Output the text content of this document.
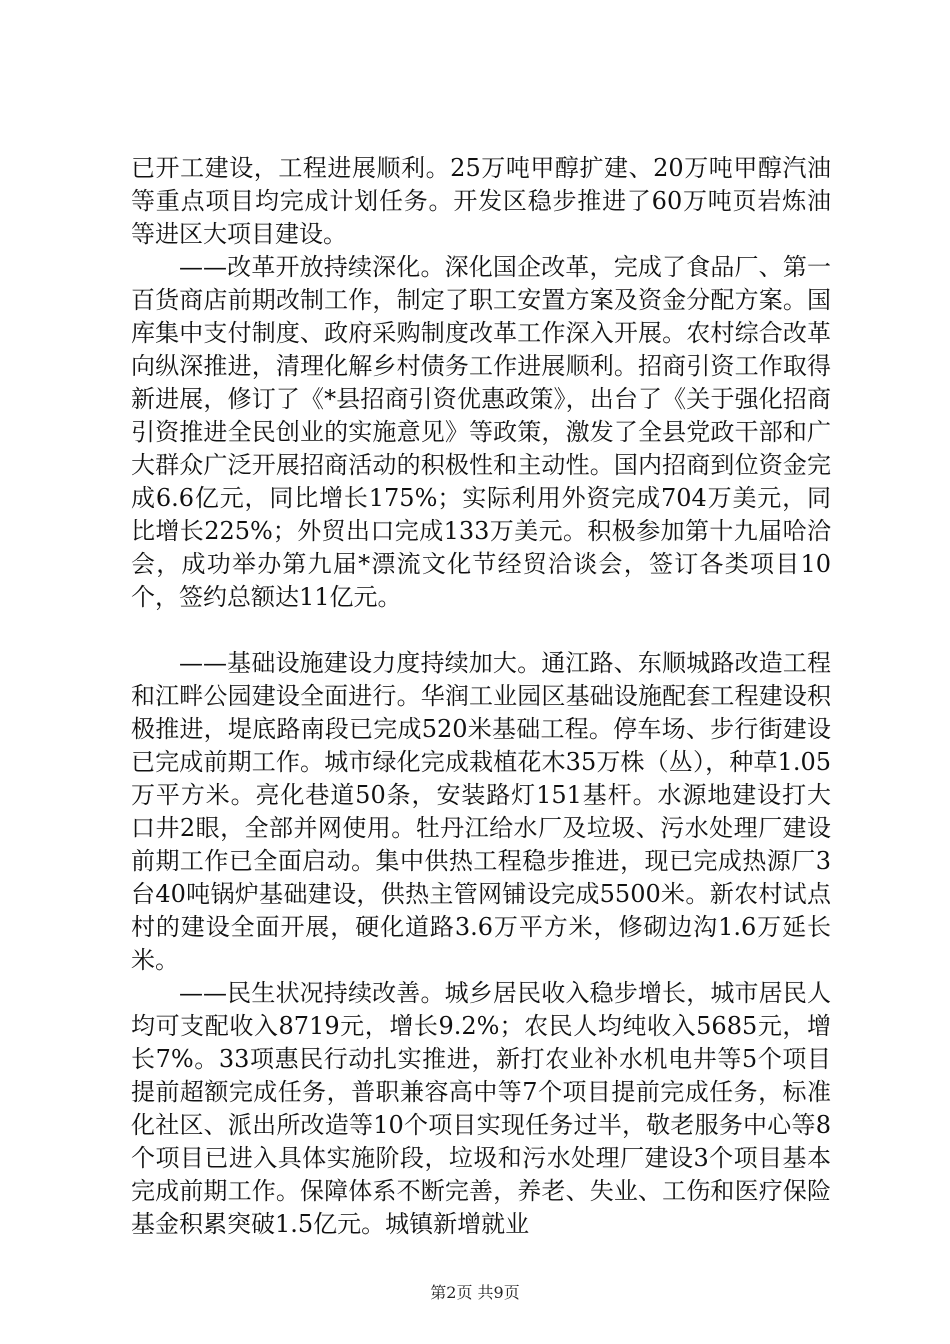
已开工建设，工程进展顺利。25万吨甲醇扩建、20万吨甲醇汽油等重点项目均完成计划任务。开发区稳步推进了60万吨页岩炼油等进区大项目建设。

——改革开放持续深化。深化国企改革，完成了食品厂、第一百货商店前期改制工作，制定了职工安置方案及资金分配方案。国库集中支付制度、政府采购制度改革工作深入开展。农村综合改革向纵深推进，清理化解乡村债务工作进展顺利。招商引资工作取得新进展，修订了《*县招商引资优惠政策》，出台了《关于强化招商引资推进全民创业的实施意见》等政策，激发了全县党政干部和广大群众广泛开展招商活动的积极性和主动性。国内招商到位资金完成6.6亿元，同比增长175%；实际利用外资完成704万美元，同比增长225%；外贸出口完成133万美元。积极参加第十九届哈洽会，成功举办第九届*漂流文化节经贸洽谈会，签订各类项目10个，签约总额达11亿元。

——基础设施建设力度持续加大。通江路、东顺城路改造工程和江畔公园建设全面进行。华润工业园区基础设施配套工程建设积极推进，堤底路南段已完成520米基础工程。停车场、步行街建设已完成前期工作。城市绿化完成栽植花木35万株（丛），种草1.05万平方米。亮化巷道50条，安装路灯151基杆。水源地建设打大口井2眼，全部并网使用。牡丹江给水厂及垃圾、污水处理厂建设前期工作已全面启动。集中供热工程稳步推进，现已完成热源厂3台40吨锅炉基础建设，供热主管网铺设完成5500米。新农村试点村的建设全面开展，硬化道路3.6万平方米，修砌边沟1.6万延长米。

——民生状况持续改善。城乡居民收入稳步增长，城市居民人均可支配收入8719元，增长9.2%；农民人均纯收入5685元，增长7%。33项惠民行动扎实推进，新打农业补水机电井等5个项目提前超额完成任务，普职兼容高中等7个项目提前完成任务，标准化社区、派出所改造等10个项目实现任务过半，敬老服务中心等8个项目已进入具体实施阶段，垃圾和污水处理厂建设3个项目基本完成前期工作。保障体系不断完善，养老、失业、工伤和医疗保险基金积累突破1.5亿元。城镇新增就业

第2页 共9页
